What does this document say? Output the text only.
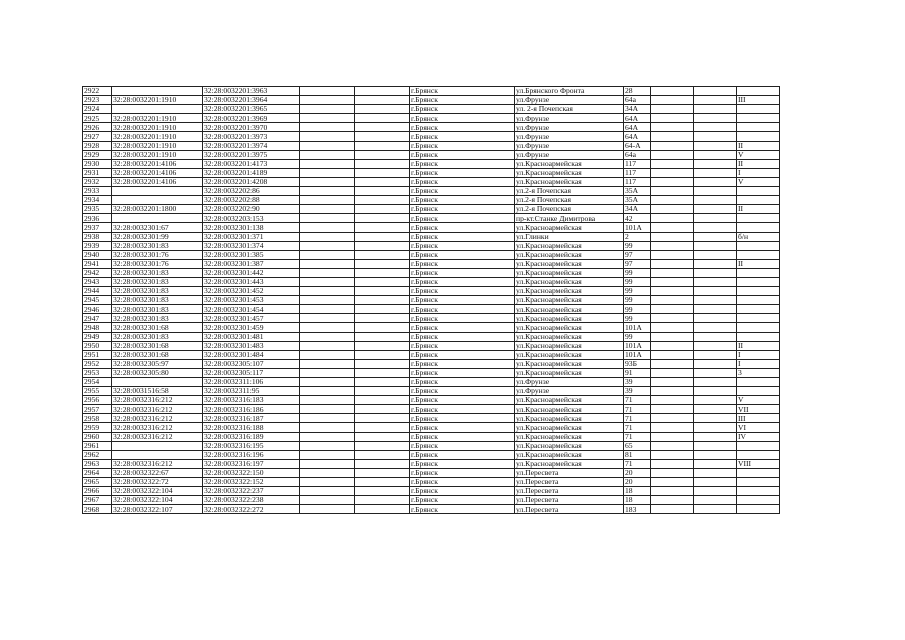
2922		32:28:0032201:3963			г.Брянск	ул.Брянского Фронта	28			
2923	32:28:0032201:1910	32:28:0032201:3964			г.Брянск	ул.Фрунзе	64а			III
2924		32:28:0032201:3965			г.Брянск	ул. 2-я Почепская	34А			
2925	32:28:0032201:1910	32:28:0032201:3969			г.Брянск	ул.Фрунзе	64А			
2926	32:28:0032201:1910	32:28:0032201:3970			г.Брянск	ул.Фрунзе	64А			
2927	32:28:0032201:1910	32:28:0032201:3973			г.Брянск	ул.Фрунзе	64А			
2928	32:28:0032201:1910	32:28:0032201:3974			г.Брянск	ул.Фрунзе	64-А			II
2929	32:28:0032201:1910	32:28:0032201:3975			г.Брянск	ул.Фрунзе	64а			V
2930	32:28:0032201:4106	32:28:0032201:4173			г.Брянск	ул.Красноармейская	117			II
2931	32:28:0032201:4106	32:28:0032201:4189			г.Брянск	ул.Красноармейская	117			I
2932	32:28:0032201:4106	32:28:0032201:4208			г.Брянск	ул.Красноармейская	117			V
2933		32:28:0032202:86			г.Брянск	ул.2-я Почепская	35А			
2934		32:28:0032202:88			г.Брянск	ул.2-я Почепская	35А			
2935	32:28:0032201:1800	32:28:0032202:90			г.Брянск	ул.2-я Почепская	34А			II
2936		32:28:0032203:153			г.Брянск	пр-кт.Станке Димитрова	42			
2937	32:28:0032301:67	32:28:0032301:138			г.Брянск	ул.Красноармейская	101А			
2938	32:28:0032301:99	32:28:0032301:371			г.Брянск	ул.Глинки	2			б/н
2939	32:28:0032301:83	32:28:0032301:374			г.Брянск	ул.Красноармейская	99			
2940	32:28:0032301:76	32:28:0032301:385			г.Брянск	ул.Красноармейская	97			
2941	32:28:0032301:76	32:28:0032301:387			г.Брянск	ул.Красноармейская	97			II
2942	32:28:0032301:83	32:28:0032301:442			г.Брянск	ул.Красноармейская	99			
2943	32:28:0032301:83	32:28:0032301:443			г.Брянск	ул.Красноармейская	99			
2944	32:28:0032301:83	32:28:0032301:452			г.Брянск	ул.Красноармейская	99			
2945	32:28:0032301:83	32:28:0032301:453			г.Брянск	ул.Красноармейская	99			
2946	32:28:0032301:83	32:28:0032301:454			г.Брянск	ул.Красноармейская	99			
2947	32:28:0032301:83	32:28:0032301:457			г.Брянск	ул.Красноармейская	99			
2948	32:28:0032301:68	32:28:0032301:459			г.Брянск	ул.Красноармейская	101А			
2949	32:28:0032301:83	32:28:0032301:481			г.Брянск	ул.Красноармейская	99			
2950	32:28:0032301:68	32:28:0032301:483			г.Брянск	ул.Красноармейская	101А			II
2951	32:28:0032301:68	32:28:0032301:484			г.Брянск	ул.Красноармейская	101А			I
2952	32:28:0032305:97	32:28:0032305:107			г.Брянск	ул.Красноармейская	93Б			I
2953	32:28:0032305:80	32:28:0032305:117			г.Брянск	ул.Красноармейская	91			3
2954		32:28:0032311:106			г.Брянск	ул.Фрунзе	39			
2955	32:28:0031516:58	32:28:0032311:95			г.Брянск	ул.Фрунзе	39			
2956	32:28:0032316:212	32:28:0032316:183			г.Брянск	ул.Красноармейская	71			V
2957	32:28:0032316:212	32:28:0032316:186			г.Брянск	ул.Красноармейская	71			VII
2958	32:28:0032316:212	32:28:0032316:187			г.Брянск	ул.Красноармейская	71			III
2959	32:28:0032316:212	32:28:0032316:188			г.Брянск	ул.Красноармейская	71			VI
2960	32:28:0032316:212	32:28:0032316:189			г.Брянск	ул.Красноармейская	71			IV
2961		32:28:0032316:195			г.Брянск	ул.Красноармейская	65			
2962		32:28:0032316:196			г.Брянск	ул.Красноармейская	81			
2963	32:28:0032316:212	32:28:0032316:197			г.Брянск	ул.Красноармейская	71			VIII
2964	32:28:0032322:67	32:28:0032322:150			г.Брянск	ул.Пересвета	20			
2965	32:28:0032322:72	32:28:0032322:152			г.Брянск	ул.Пересвета	20			
2966	32:28:0032322:104	32:28:0032322:237			г.Брянск	ул.Пересвета	18			
2967	32:28:0032322:104	32:28:0032322:238			г.Брянск	ул.Пересвета	18			
2968	32:28:0032322:107	32:28:0032322:272			г.Брянск	ул.Пересвета	183			
